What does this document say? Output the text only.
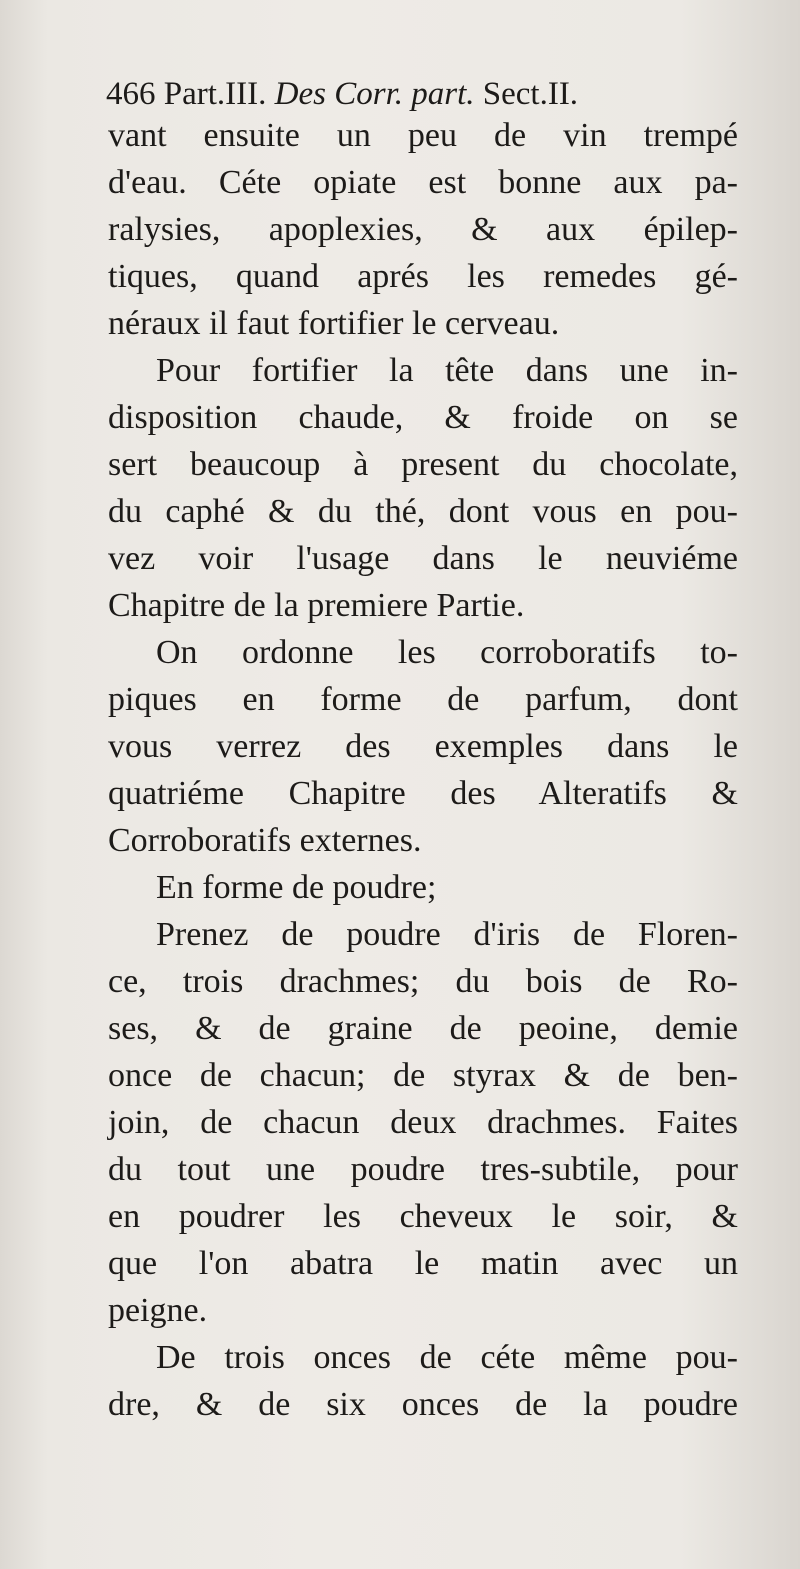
466 Part.III. Des Corr. part. Sect.II.
vant ensuite un peu de vin trempé
d'eau. Céte opiate est bonne aux pa-
ralysies, apoplexies, & aux épilep-
tiques, quand aprés les remedes gé-
néraux il faut fortifier le cerveau.
Pour fortifier la tête dans une in-
disposition chaude, & froide on se
sert beaucoup à present du chocolate,
du caphé & du thé, dont vous en pou-
vez voir l'usage dans le neuviéme
Chapitre de la premiere Partie.
On ordonne les corroboratifs to-
piques en forme de parfum, dont
vous verrez des exemples dans le
quatriéme Chapitre des Alteratifs &
Corroboratifs externes.
En forme de poudre;
Prenez de poudre d'iris de Floren-
ce, trois drachmes; du bois de Ro-
ses, & de graine de peoine, demie
once de chacun; de styrax & de ben-
join, de chacun deux drachmes. Faites
du tout une poudre tres-subtile, pour
en poudrer les cheveux le soir, &
que l'on abatra le matin avec un
peigne.
De trois onces de céte même pou-
dre, & de six onces de la poudre
